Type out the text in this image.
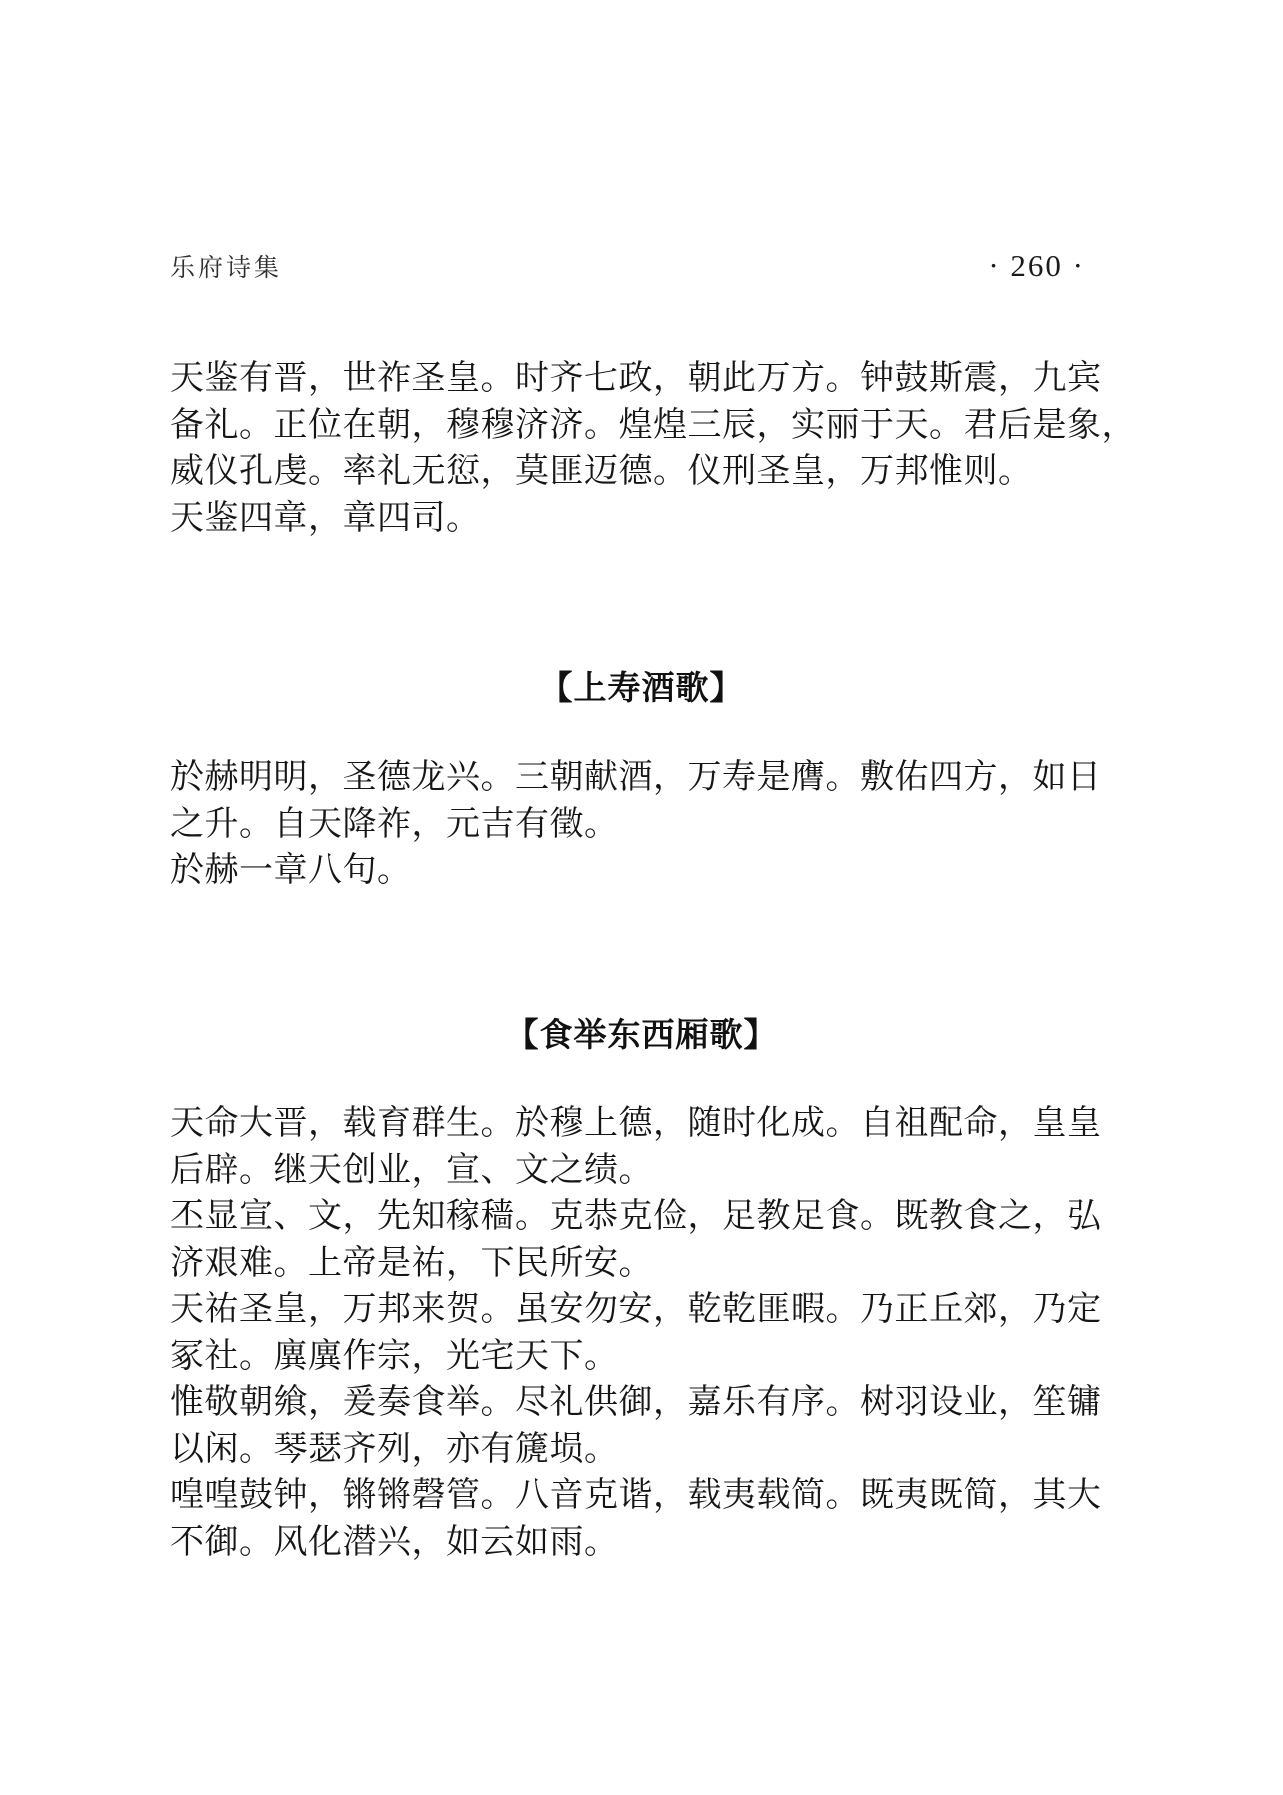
乐府诗集	· 260 ·
天鉴有晋，世祚圣皇。时齐七政，朝此万方。钟鼓斯震，九宾
备礼。正位在朝，穆穆济济。煌煌三辰，实丽于天。君后是象，
威仪孔虔。率礼无愆，莫匪迈德。仪刑圣皇，万邦惟则。
天鉴四章，章四司。
【上寿酒歌】
於赫明明，圣德龙兴。三朝献酒，万寿是膺。敷佑四方，如日
之升。自天降祚，元吉有徵。
於赫一章八句。
【食举东西厢歌】
天命大晋，载育群生。於穆上德，随时化成。自祖配命，皇皇
后辟。继天创业，宣、文之绩。
丕显宣、文，先知稼穑。克恭克俭，足教足食。既教食之，弘
济艰难。上帝是祐，下民所安。
天祐圣皇，万邦来贺。虽安勿安，乾乾匪暇。乃正丘郊，乃定
冢社。廙廙作宗，光宅天下。
惟敬朝飨，爰奏食举。尽礼供御，嘉乐有序。树羽设业，笙镛
以闲。琴瑟齐列，亦有篪埙。
喤喤鼓钟，锵锵磬管。八音克谐，载夷载简。既夷既简，其大
不御。风化潜兴，如云如雨。
